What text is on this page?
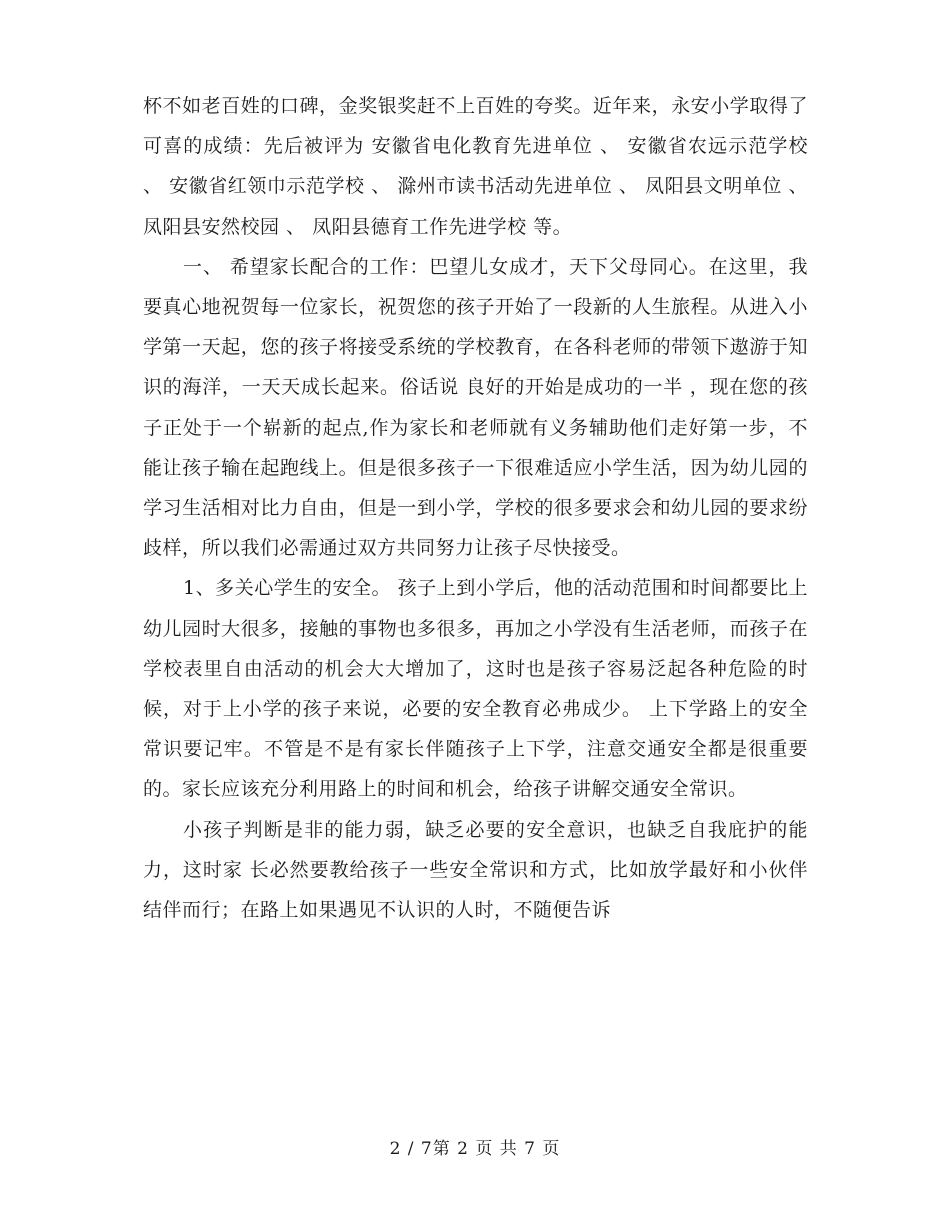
杯不如老百姓的口碑，金奖银奖赶不上百姓的夸奖。近年来，永安小学取得了可喜的成绩：先后被评为 安徽省电化教育先进单位 、 安徽省农远示范学校 、 安徽省红领巾示范学校 、 滁州市读书活动先进单位 、 凤阳县文明单位 、 凤阳县安然校园 、 凤阳县德育工作先进学校 等。

一、 希望家长配合的工作：巴望儿女成才，天下父母同心。在这里，我要真心地祝贺每一位家长，祝贺您的孩子开始了一段新的人生旅程。从进入小学第一天起，您的孩子将接受系统的学校教育，在各科老师的带领下遨游于知识的海洋，一天天成长起来。俗话说 良好的开始是成功的一半 ，现在您的孩子正处于一个崭新的起点,作为家长和老师就有义务辅助他们走好第一步，不能让孩子输在起跑线上。但是很多孩子一下很难适应小学生活，因为幼儿园的学习生活相对比力自由，但是一到小学，学校的很多要求会和幼儿园的要求纷歧样，所以我们必需通过双方共同努力让孩子尽快接受。

1、多关心学生的安全。 孩子上到小学后，他的活动范围和时间都要比上幼儿园时大很多，接触的事物也多很多，再加之小学没有生活老师，而孩子在学校表里自由活动的机会大大增加了，这时也是孩子容易泛起各种危险的时候，对于上小学的孩子来说，必要的安全教育必弗成少。 上下学路上的安全常识要记牢。不管是不是有家长伴随孩子上下学，注意交通安全都是很重要的。家长应该充分利用路上的时间和机会，给孩子讲解交通安全常识。

小孩子判断是非的能力弱，缺乏必要的安全意识，也缺乏自我庇护的能力，这时家 长必然要教给孩子一些安全常识和方式，比如放学最好和小伙伴结伴而行；在路上如果遇见不认识的人时，不随便告诉

2 / 7第 2 页 共 7 页
